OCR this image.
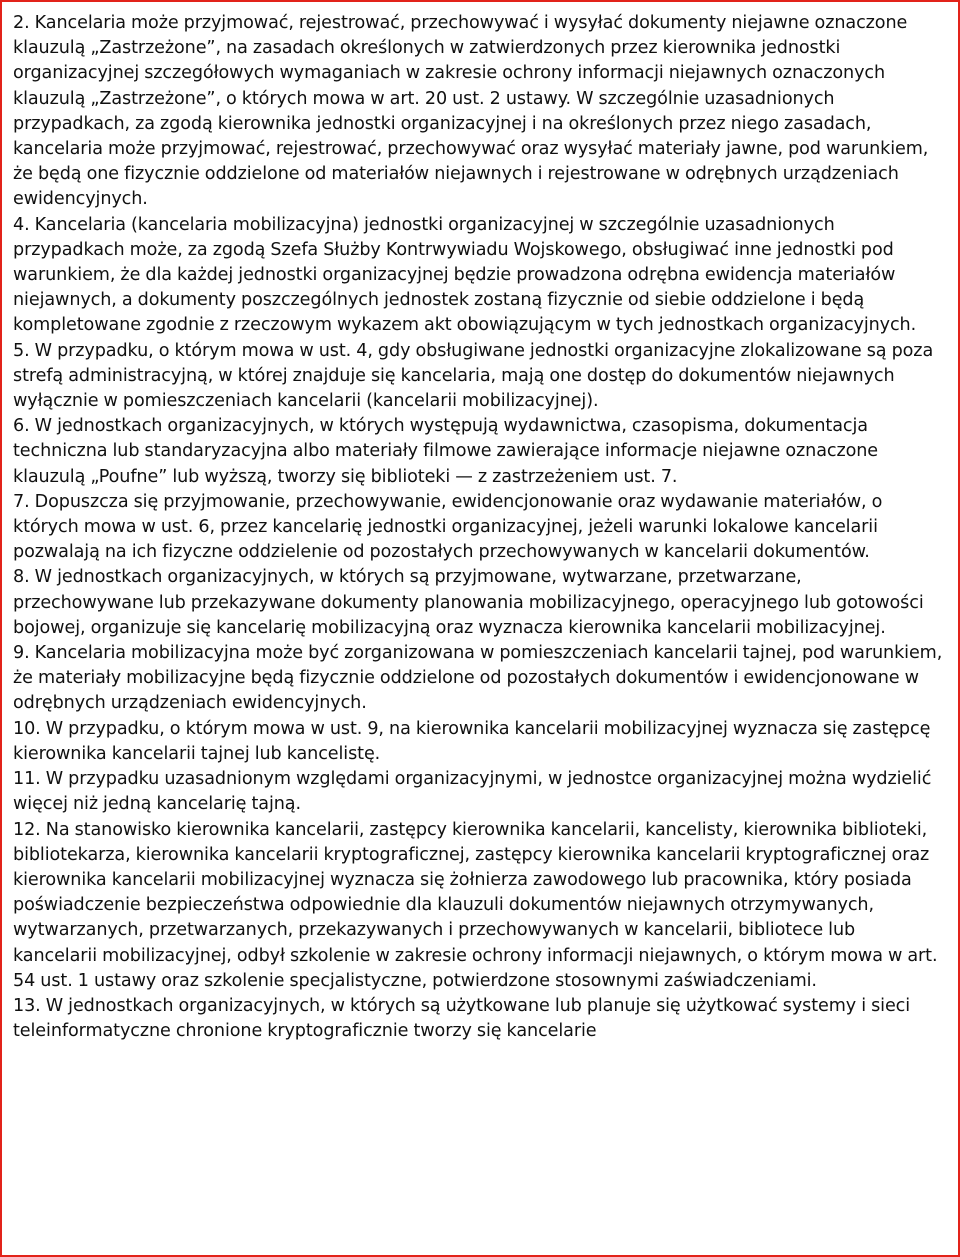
2. Kancelaria może przyjmować, rejestrować, przechowywać i wysyłać dokumenty niejawne oznaczone klauzulą „Zastrzeżone”, na zasadach określonych w zatwierdzonych przez kierownika jednostki organizacyjnej szczegółowych wymaganiach w zakresie ochrony informacji niejawnych oznaczonych klauzulą „Zastrzeżone”, o których mowa w art. 20 ust. 2 ustawy. W szczególnie uzasadnionych przypadkach, za zgodą kierownika jednostki organizacyjnej i na określonych przez niego zasadach, kancelaria może przyjmować, rejestrować, przechowywać oraz wysyłać materiały jawne, pod warunkiem, że będą one fizycznie oddzielone od materiałów niejawnych i rejestrowane w odrębnych urządzeniach ewidencyjnych.

4. Kancelaria (kancelaria mobilizacyjna) jednostki organizacyjnej w szczególnie uzasadnionych przypadkach może, za zgodą Szefa Służby Kontrwywiadu Wojskowego, obsługiwać inne jednostki pod warunkiem, że dla każdej jednostki organizacyjnej będzie prowadzona odrębna ewidencja materiałów niejawnych, a dokumenty poszczególnych jednostek zostaną fizycznie od siebie oddzielone i będą kompletowane zgodnie z rzeczowym wykazem akt obowiązującym w tych jednostkach organizacyjnych.

5. W przypadku, o którym mowa w ust. 4, gdy obsługiwane jednostki organizacyjne zlokalizowane są poza strefą administracyjną, w której znajduje się kancelaria, mają one dostęp do dokumentów niejawnych wyłącznie w pomieszczeniach kancelarii (kancelarii mobilizacyjnej).

6. W jednostkach organizacyjnych, w których występują wydawnictwa, czasopisma, dokumentacja techniczna lub standaryzacyjna albo materiały filmowe zawierające informacje niejawne oznaczone klauzulą „Poufne” lub wyższą, tworzy się biblioteki — z zastrzeżeniem ust. 7.

7. Dopuszcza się przyjmowanie, przechowywanie, ewidencjonowanie oraz wydawanie materiałów, o których mowa w ust. 6, przez kancelarię jednostki organizacyjnej, jeżeli warunki lokalowe kancelarii pozwalają na ich fizyczne oddzielenie od pozostałych przechowywanych w kancelarii dokumentów.

8. W jednostkach organizacyjnych, w których są przyjmowane, wytwarzane, przetwarzane, przechowywane lub przekazywane dokumenty planowania mobilizacyjnego, operacyjnego lub gotowości bojowej, organizuje się kancelarię mobilizacyjną oraz wyznacza kierownika kancelarii mobilizacyjnej.

9. Kancelaria mobilizacyjna może być zorganizowana w pomieszczeniach kancelarii tajnej, pod warunkiem, że materiały mobilizacyjne będą fizycznie oddzielone od pozostałych dokumentów i ewidencjonowane w odrębnych urządzeniach ewidencyjnych.

10. W przypadku, o którym mowa w ust. 9, na kierownika kancelarii mobilizacyjnej wyznacza się zastępcę kierownika kancelarii tajnej lub kancelistę.

11. W przypadku uzasadnionym względami organizacyjnymi, w jednostce organizacyjnej można wydzielić więcej niż jedną kancelarię tajną.

12. Na stanowisko kierownika kancelarii, zastępcy kierownika kancelarii, kancelisty, kierownika biblioteki, bibliotekarza, kierownika kancelarii kryptograficznej, zastępcy kierownika kancelarii kryptograficznej oraz kierownika kancelarii mobilizacyjnej wyznacza się żołnierza zawodowego lub pracownika, który posiada poświadczenie bezpieczeństwa odpowiednie dla klauzuli dokumentów niejawnych otrzymywanych, wytwarzanych, przetwarzanych, przekazywanych i przechowywanych w kancelarii, bibliotece lub kancelarii mobilizacyjnej, odbył szkolenie w zakresie ochrony informacji niejawnych, o którym mowa w art. 54 ust. 1 ustawy oraz szkolenie specjalistyczne, potwierdzone stosownymi zaświadczeniami.

13. W jednostkach organizacyjnych, w których są użytkowane lub planuje się użytkować systemy i sieci teleinformatyczne chronione kryptograficznie tworzy się kancelarie
